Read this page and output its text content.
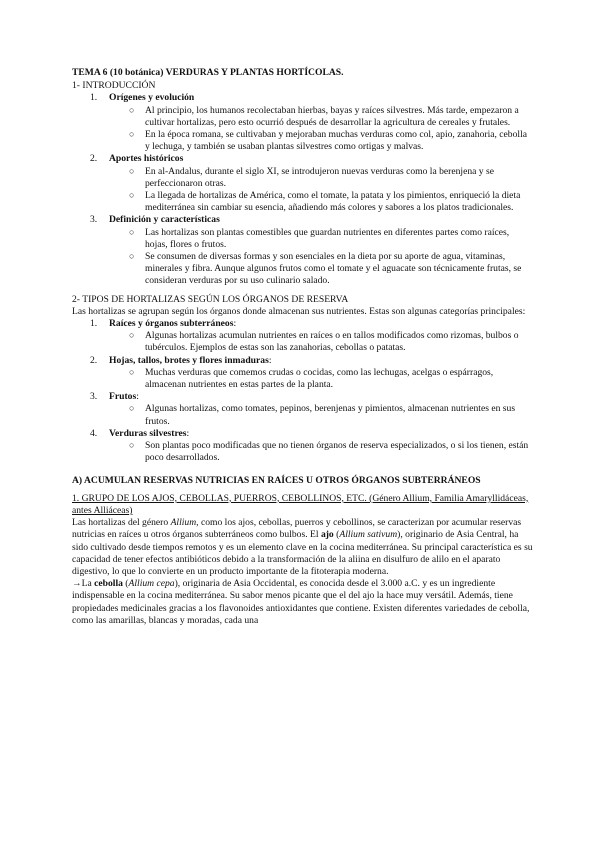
TEMA 6 (10 botánica) VERDURAS Y PLANTAS HORTÍCOLAS.
1- INTRODUCCIÓN
1. Orígenes y evolución
○ Al principio, los humanos recolectaban hierbas, bayas y raíces silvestres. Más tarde, empezaron a cultivar hortalizas, pero esto ocurrió después de desarrollar la agricultura de cereales y frutales.
○ En la época romana, se cultivaban y mejoraban muchas verduras como col, apio, zanahoria, cebolla y lechuga, y también se usaban plantas silvestres como ortigas y malvas.
2. Aportes históricos
○ En al-Andalus, durante el siglo XI, se introdujeron nuevas verduras como la berenjena y se perfeccionaron otras.
○ La llegada de hortalizas de América, como el tomate, la patata y los pimientos, enriqueció la dieta mediterránea sin cambiar su esencia, añadiendo más colores y sabores a los platos tradicionales.
3. Definición y características
○ Las hortalizas son plantas comestibles que guardan nutrientes en diferentes partes como raíces, hojas, flores o frutos.
○ Se consumen de diversas formas y son esenciales en la dieta por su aporte de agua, vitaminas, minerales y fibra. Aunque algunos frutos como el tomate y el aguacate son técnicamente frutas, se consideran verduras por su uso culinario salado.
2- TIPOS DE HORTALIZAS SEGÚN LOS ÓRGANOS DE RESERVA

Las hortalizas se agrupan según los órganos donde almacenan sus nutrientes. Estas son algunas categorías principales:

1. Raíces y órganos subterráneos:
○ Algunas hortalizas acumulan nutrientes en raíces o en tallos modificados como rizomas, bulbos o tubérculos. Ejemplos de estas son las zanahorias, cebollas o patatas.
2. Hojas, tallos, brotes y flores inmaduras:
○ Muchas verduras que comemos crudas o cocidas, como las lechugas, acelgas o espárragos, almacenan nutrientes en estas partes de la planta.
3. Frutos:
○ Algunas hortalizas, como tomates, pepinos, berenjenas y pimientos, almacenan nutrientes en sus frutos.
4. Verduras silvestres:
○ Son plantas poco modificadas que no tienen órganos de reserva especializados, o si los tienen, están poco desarrollados.
A) ACUMULAN RESERVAS NUTRICIAS EN RAÍCES U OTROS ÓRGANOS SUBTERRÁNEOS
1. GRUPO DE LOS AJOS, CEBOLLAS, PUERROS, CEBOLLINOS, ETC. (Género Allium, Familia Amaryllidáceas, antes Alliáceas)

Las hortalizas del género Allium, como los ajos, cebollas, puerros y cebollinos, se caracterizan por acumular reservas nutricias en raíces u otros órganos subterráneos como bulbos. El ajo (Allium sativum), originario de Asia Central, ha sido cultivado desde tiempos remotos y es un elemento clave en la cocina mediterránea. Su principal característica es su capacidad de tener efectos antibióticos debido a la transformación de la aliina en disulfuro de alilo en el aparato digestivo, lo que lo convierte en un producto importante de la fitoterapia moderna.

→La cebolla (Allium cepa), originaria de Asia Occidental, es conocida desde el 3.000 a.C. y es un ingrediente indispensable en la cocina mediterránea. Su sabor menos picante que el del ajo la hace muy versátil. Además, tiene propiedades medicinales gracias a los flavonoides antioxidantes que contiene. Existen diferentes variedades de cebolla, como las amarillas, blancas y moradas, cada una
